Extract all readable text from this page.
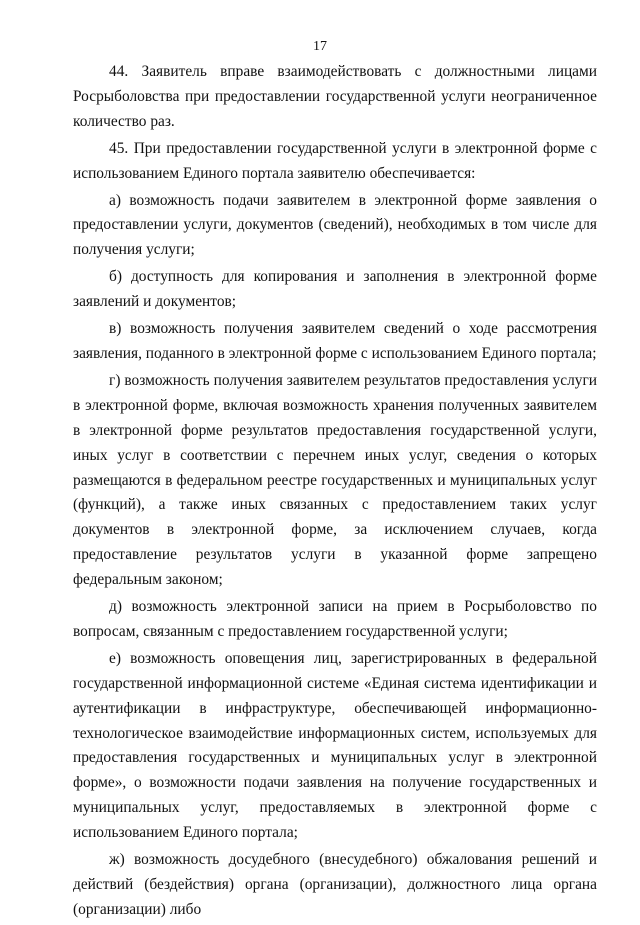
17

44. Заявитель вправе взаимодействовать с должностными лицами Росрыболовства при предоставлении государственной услуги неограниченное количество раз.

45. При предоставлении государственной услуги в электронной форме с использованием Единого портала заявителю обеспечивается:

а) возможность подачи заявителем в электронной форме заявления о предоставлении услуги, документов (сведений), необходимых в том числе для получения услуги;

б) доступность для копирования и заполнения в электронной форме заявлений и документов;

в) возможность получения заявителем сведений о ходе рассмотрения заявления, поданного в электронной форме с использованием Единого портала;

г) возможность получения заявителем результатов предоставления услуги в электронной форме, включая возможность хранения полученных заявителем в электронной форме результатов предоставления государственной услуги, иных услуг в соответствии с перечнем иных услуг, сведения о которых размещаются в федеральном реестре государственных и муниципальных услуг (функций), а также иных связанных с предоставлением таких услуг документов в электронной форме, за исключением случаев, когда предоставление результатов услуги в указанной форме запрещено федеральным законом;

д) возможность электронной записи на прием в Росрыболовство по вопросам, связанным с предоставлением государственной услуги;

е) возможность оповещения лиц, зарегистрированных в федеральной государственной информационной системе «Единая система идентификации и аутентификации в инфраструктуре, обеспечивающей информационно-технологическое взаимодействие информационных систем, используемых для предоставления государственных и муниципальных услуг в электронной форме», о возможности подачи заявления на получение государственных и муниципальных услуг, предоставляемых в электронной форме с использованием Единого портала;

ж) возможность досудебного (внесудебного) обжалования решений и действий (бездействия) органа (организации), должностного лица органа (организации) либо
